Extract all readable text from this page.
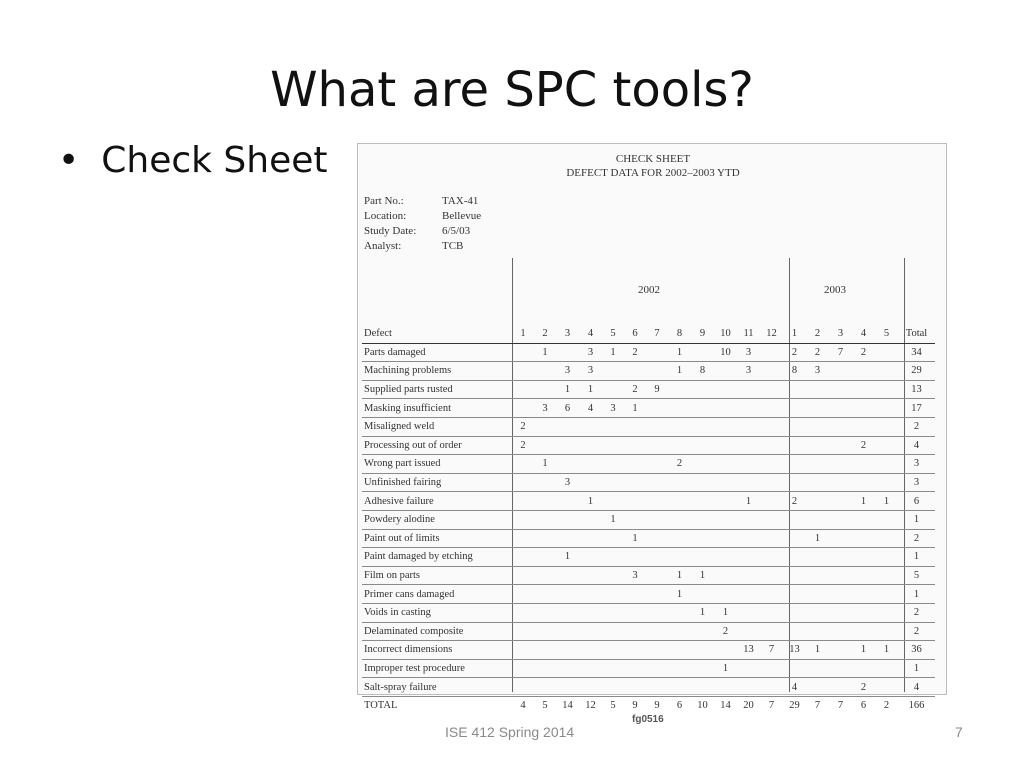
What are SPC tools?
• Check Sheet	CHECK SHEET
DEFECT DATA FOR 2002–2003 YTD
Part No.:	TAX-41
Location:	Bellevue
Study Date:	6/5/03
Analyst:	TCB
2002	2003
Defect	1	2	3	4	5	6	7	8	9	10	11	12	1	2	3	4	5	Total
Parts damaged		1		3	1	2		1		10	3		2	2	7	2		34
Machining problems			3	3				1	8		3		8	3				29
Supplied parts rusted			1	1		2	9											13
Masking insufficient		3	6	4	3	1												17
Misaligned weld	2																	2
Processing out of order	2															2		4
Wrong part issued		1						2										3
Unfinished fairing			3															3
Adhesive failure				1							1		2			1	1	6
Powdery alodine					1													1
Paint out of limits						1								1				2
Paint damaged by etching			1															1
Film on parts						3		1	1									5
Primer cans damaged								1										1
Voids in casting									1	1								2
Delaminated composite										2								2
Incorrect dimensions											13	7	13	1		1	1	36
Improper test procedure										1								1
Salt-spray failure													4			2		4
TOTAL	4	5	14	12	5	9	9	6	10	14	20	7	29	7	7	6	2	166
ISE 412 Spring 2014	7
fg0516
